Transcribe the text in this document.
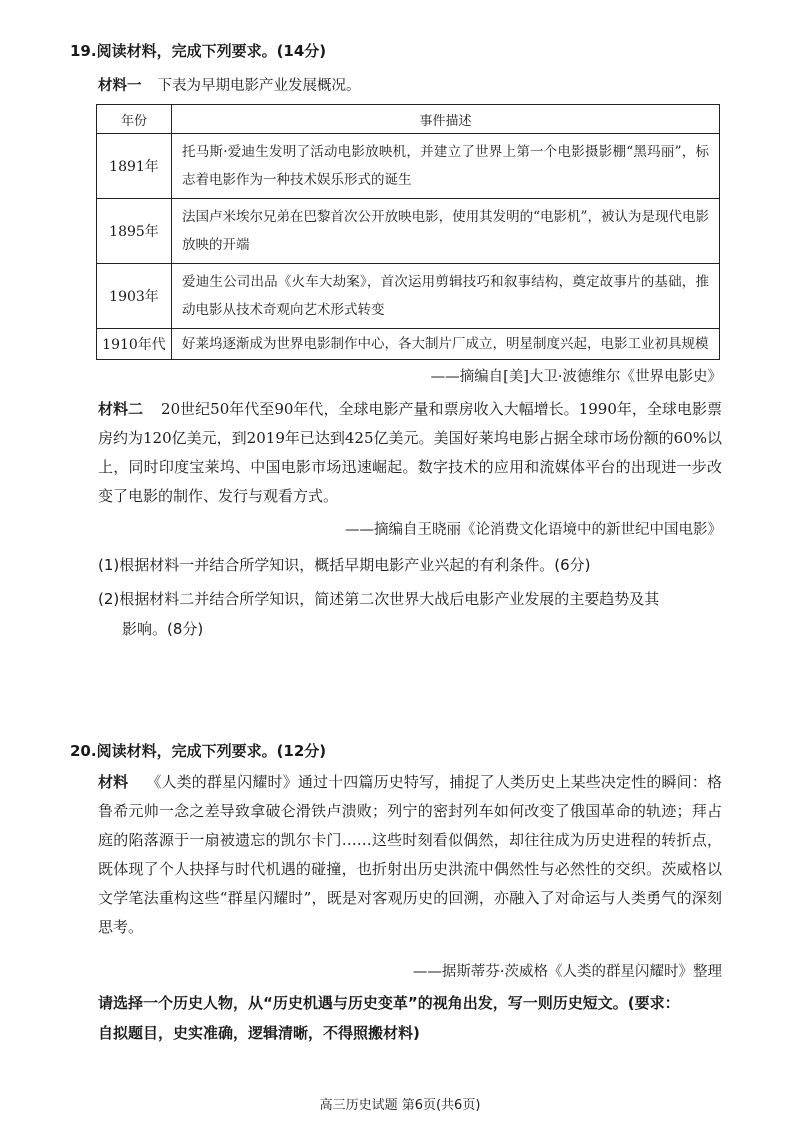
19.阅读材料，完成下列要求。(14分)
材料一 下表为早期电影产业发展概况。
年份	事件描述
1891年	托马斯·爱迪生发明了活动电影放映机，并建立了世界上第一个电影摄影棚“黑玛丽”，标志着电影作为一种技术娱乐形式的诞生
1895年	法国卢米埃尔兄弟在巴黎首次公开放映电影，使用其发明的“电影机”，被认为是现代电影放映的开端
1903年	爱迪生公司出品《火车大劫案》，首次运用剪辑技巧和叙事结构，奠定故事片的基础，推动电影从技术奇观向艺术形式转变
1910年代	好莱坞逐渐成为世界电影制作中心，各大制片厂成立，明星制度兴起，电影工业初具规模
——摘编自[美]大卫·波德维尔《世界电影史》
材料二 20世纪50年代至90年代，全球电影产量和票房收入大幅增长。1990年，全球电影票房约为120亿美元，到2019年已达到425亿美元。美国好莱坞电影占据全球市场份额的60%以上，同时印度宝莱坞、中国电影市场迅速崛起。数字技术的应用和流媒体平台的出现进一步改变了电影的制作、发行与观看方式。
——摘编自王晓丽《论消费文化语境中的新世纪中国电影》
(1)根据材料一并结合所学知识，概括早期电影产业兴起的有利条件。(6分)
(2)根据材料二并结合所学知识，简述第二次世界大战后电影产业发展的主要趋势及其
影响。(8分)
20.阅读材料，完成下列要求。(12分)
材料 《人类的群星闪耀时》通过十四篇历史特写，捕捉了人类历史上某些决定性的瞬间：格鲁希元帅一念之差导致拿破仑滑铁卢溃败；列宁的密封列车如何改变了俄国革命的轨迹；拜占庭的陷落源于一扇被遗忘的凯尔卡门……这些时刻看似偶然，却往往成为历史进程的转折点，既体现了个人抉择与时代机遇的碰撞，也折射出历史洪流中偶然性与必然性的交织。茨威格以文学笔法重构这些“群星闪耀时”，既是对客观历史的回溯，亦融入了对命运与人类勇气的深刻思考。
——据斯蒂芬·茨威格《人类的群星闪耀时》整理
请选择一个历史人物，从“历史机遇与历史变革”的视角出发，写一则历史短文。(要求：
自拟题目，史实准确，逻辑清晰，不得照搬材料)
高三历史试题 第6页(共6页)
